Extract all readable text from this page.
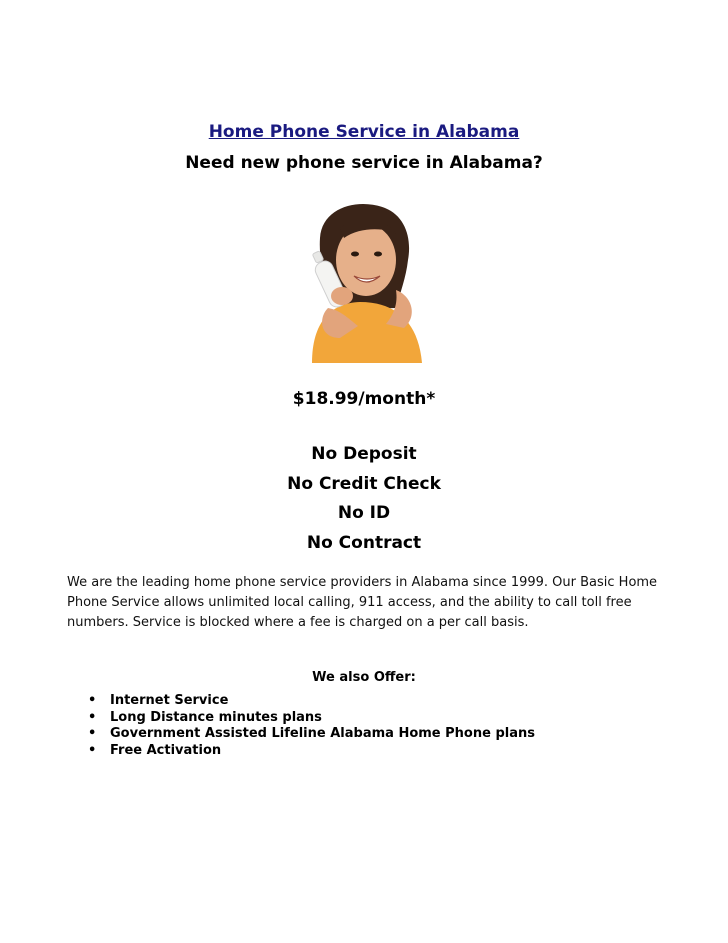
Home Phone Service in Alabama
Need new phone service in Alabama?
$18.99/month*
No Deposit
No Credit Check
No ID
No Contract
We are the leading home phone service providers in Alabama since 1999. Our Basic Home Phone Service allows unlimited local calling, 911 access, and the ability to call toll free numbers. Service is blocked where a fee is charged on a per call basis.
We also Offer:
• Internet Service
• Long Distance minutes plans
• Government Assisted Lifeline Alabama Home Phone plans
• Free Activation
